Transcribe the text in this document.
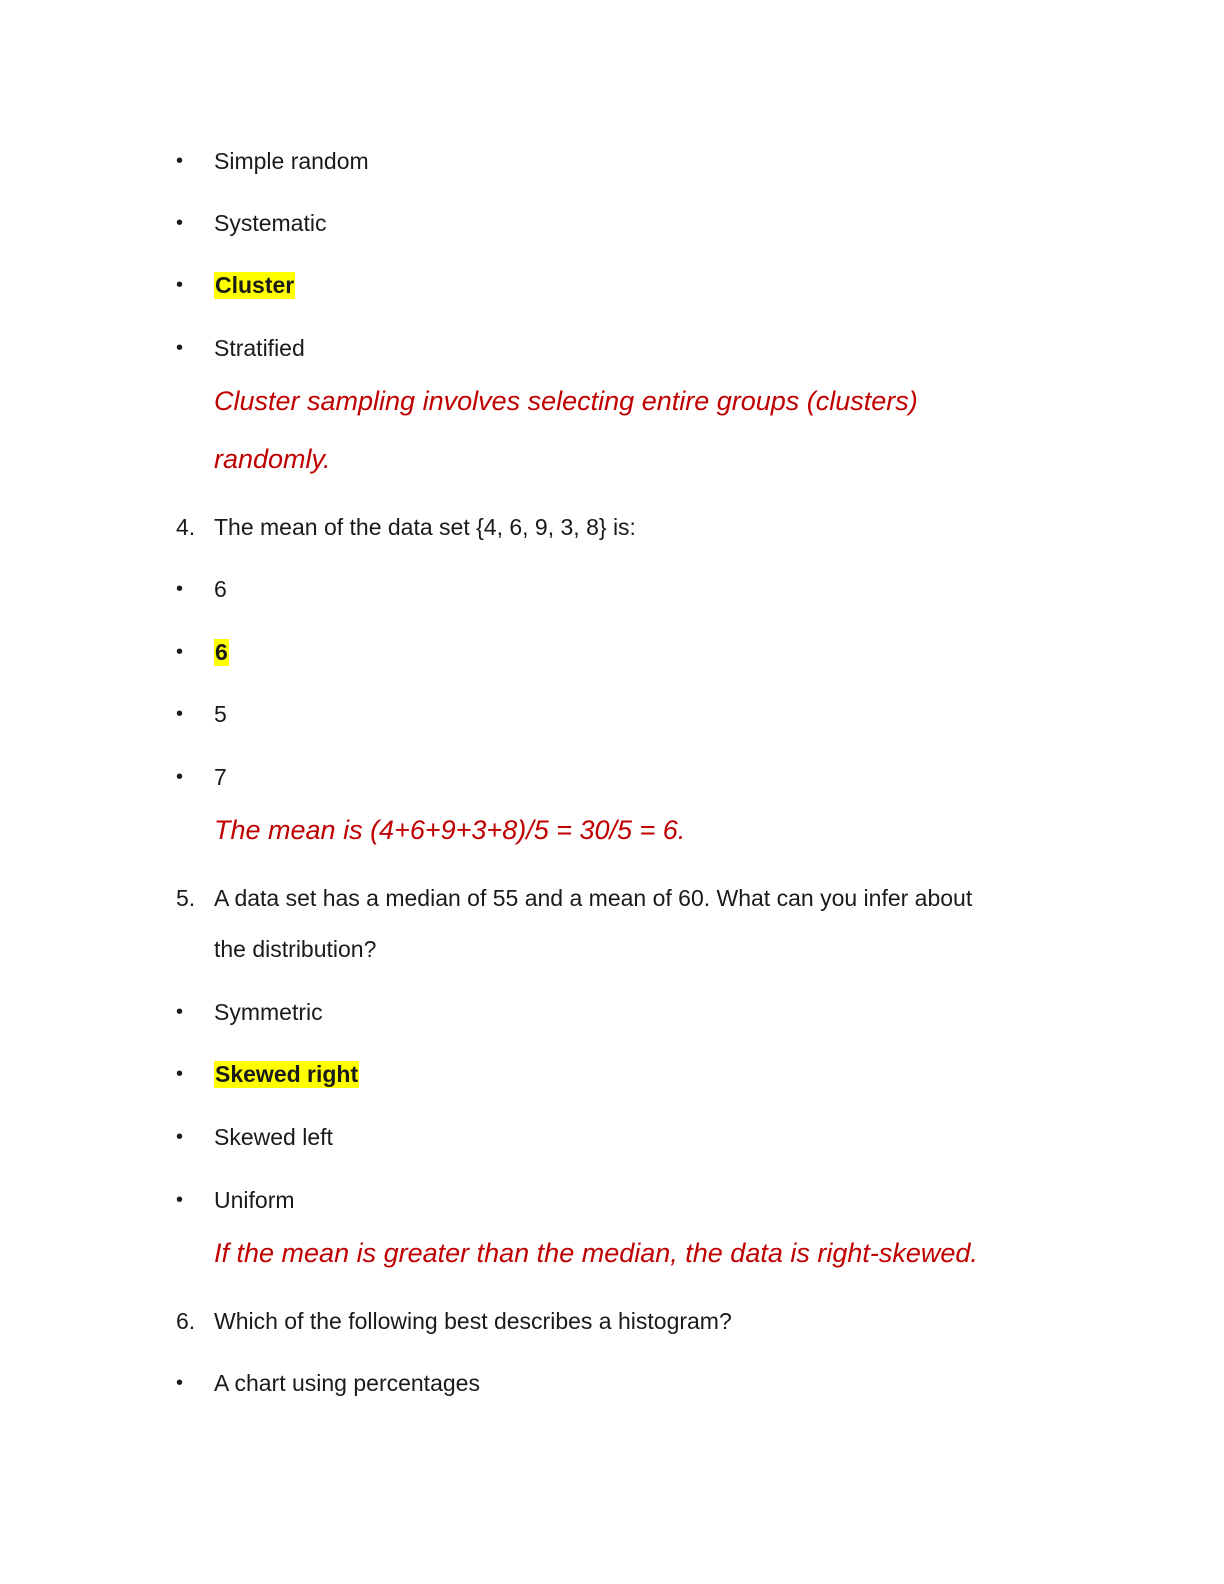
•	Simple random
•	Systematic
•	Cluster
•	Stratified
Cluster sampling involves selecting entire groups (clusters)
randomly.
4. The mean of the data set {4, 6, 9, 3, 8} is:
•	6
•	6
•	5
•	7
The mean is (4+6+9+3+8)/5 = 30/5 = 6.
5. A data set has a median of 55 and a mean of 60. What can you infer about
the distribution?
•	Symmetric
•	Skewed right
•	Skewed left
•	Uniform
If the mean is greater than the median, the data is right-skewed.
6. Which of the following best describes a histogram?
•	A chart using percentages
